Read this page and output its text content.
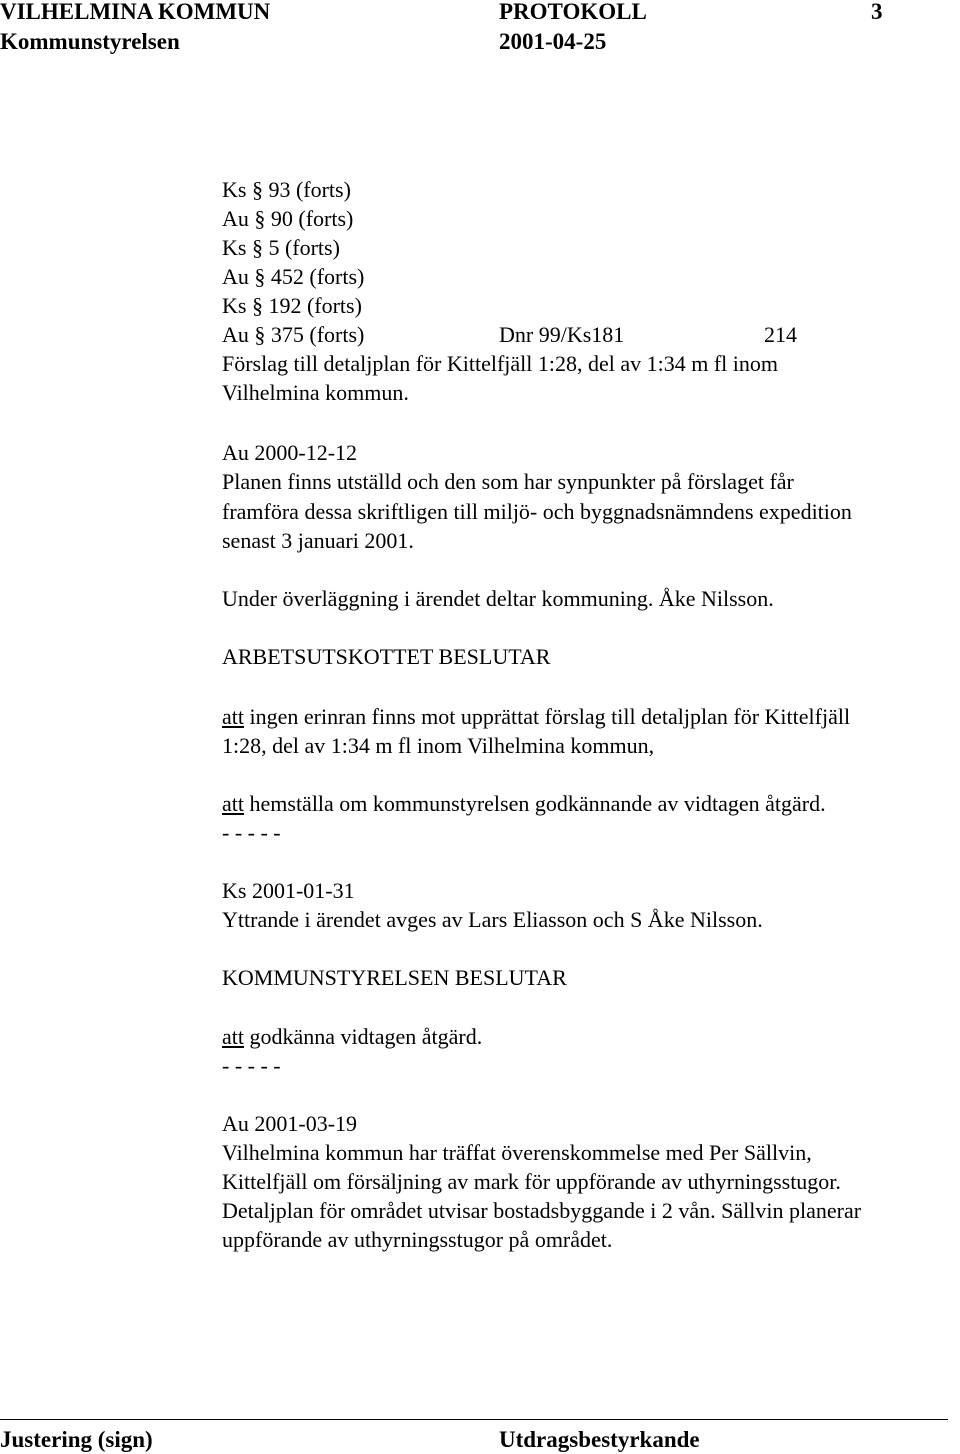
VILHELMINA KOMMUN	PROTOKOLL	3
Kommunstyrelsen	2001-04-25
Ks § 93 (forts)
Au § 90 (forts)
Ks § 5 (forts)
Au § 452 (forts)
Ks § 192 (forts)
Au § 375 (forts)	Dnr 99/Ks181	214
Förslag till detaljplan för Kittelfjäll 1:28, del av 1:34 m fl inom
Vilhelmina kommun.
Au 2000-12-12
Planen finns utställd och den som har synpunkter på förslaget får
framföra dessa skriftligen till miljö- och byggnadsnämndens expedition
senast 3 januari 2001.
Under överläggning i ärendet deltar kommuning. Åke Nilsson.
ARBETSUTSKOTTET BESLUTAR
att ingen erinran finns mot upprättat förslag till detaljplan för Kittelfjäll
1:28, del av 1:34 m fl inom Vilhelmina kommun,
att hemställa om kommunstyrelsen godkännande av vidtagen åtgärd.
- - - - -
Ks 2001-01-31
Yttrande i ärendet avges av Lars Eliasson och S Åke Nilsson.
KOMMUNSTYRELSEN BESLUTAR
att godkänna vidtagen åtgärd.
- - - - -
Au 2001-03-19
Vilhelmina kommun har träffat överenskommelse med Per Sällvin,
Kittelfjäll om försäljning av mark för uppförande av uthyrningsstugor.
Detaljplan för området utvisar bostadsbyggande i 2 vån. Sällvin planerar
uppförande av uthyrningsstugor på området.
Justering (sign)	Utdragsbestyrkande
